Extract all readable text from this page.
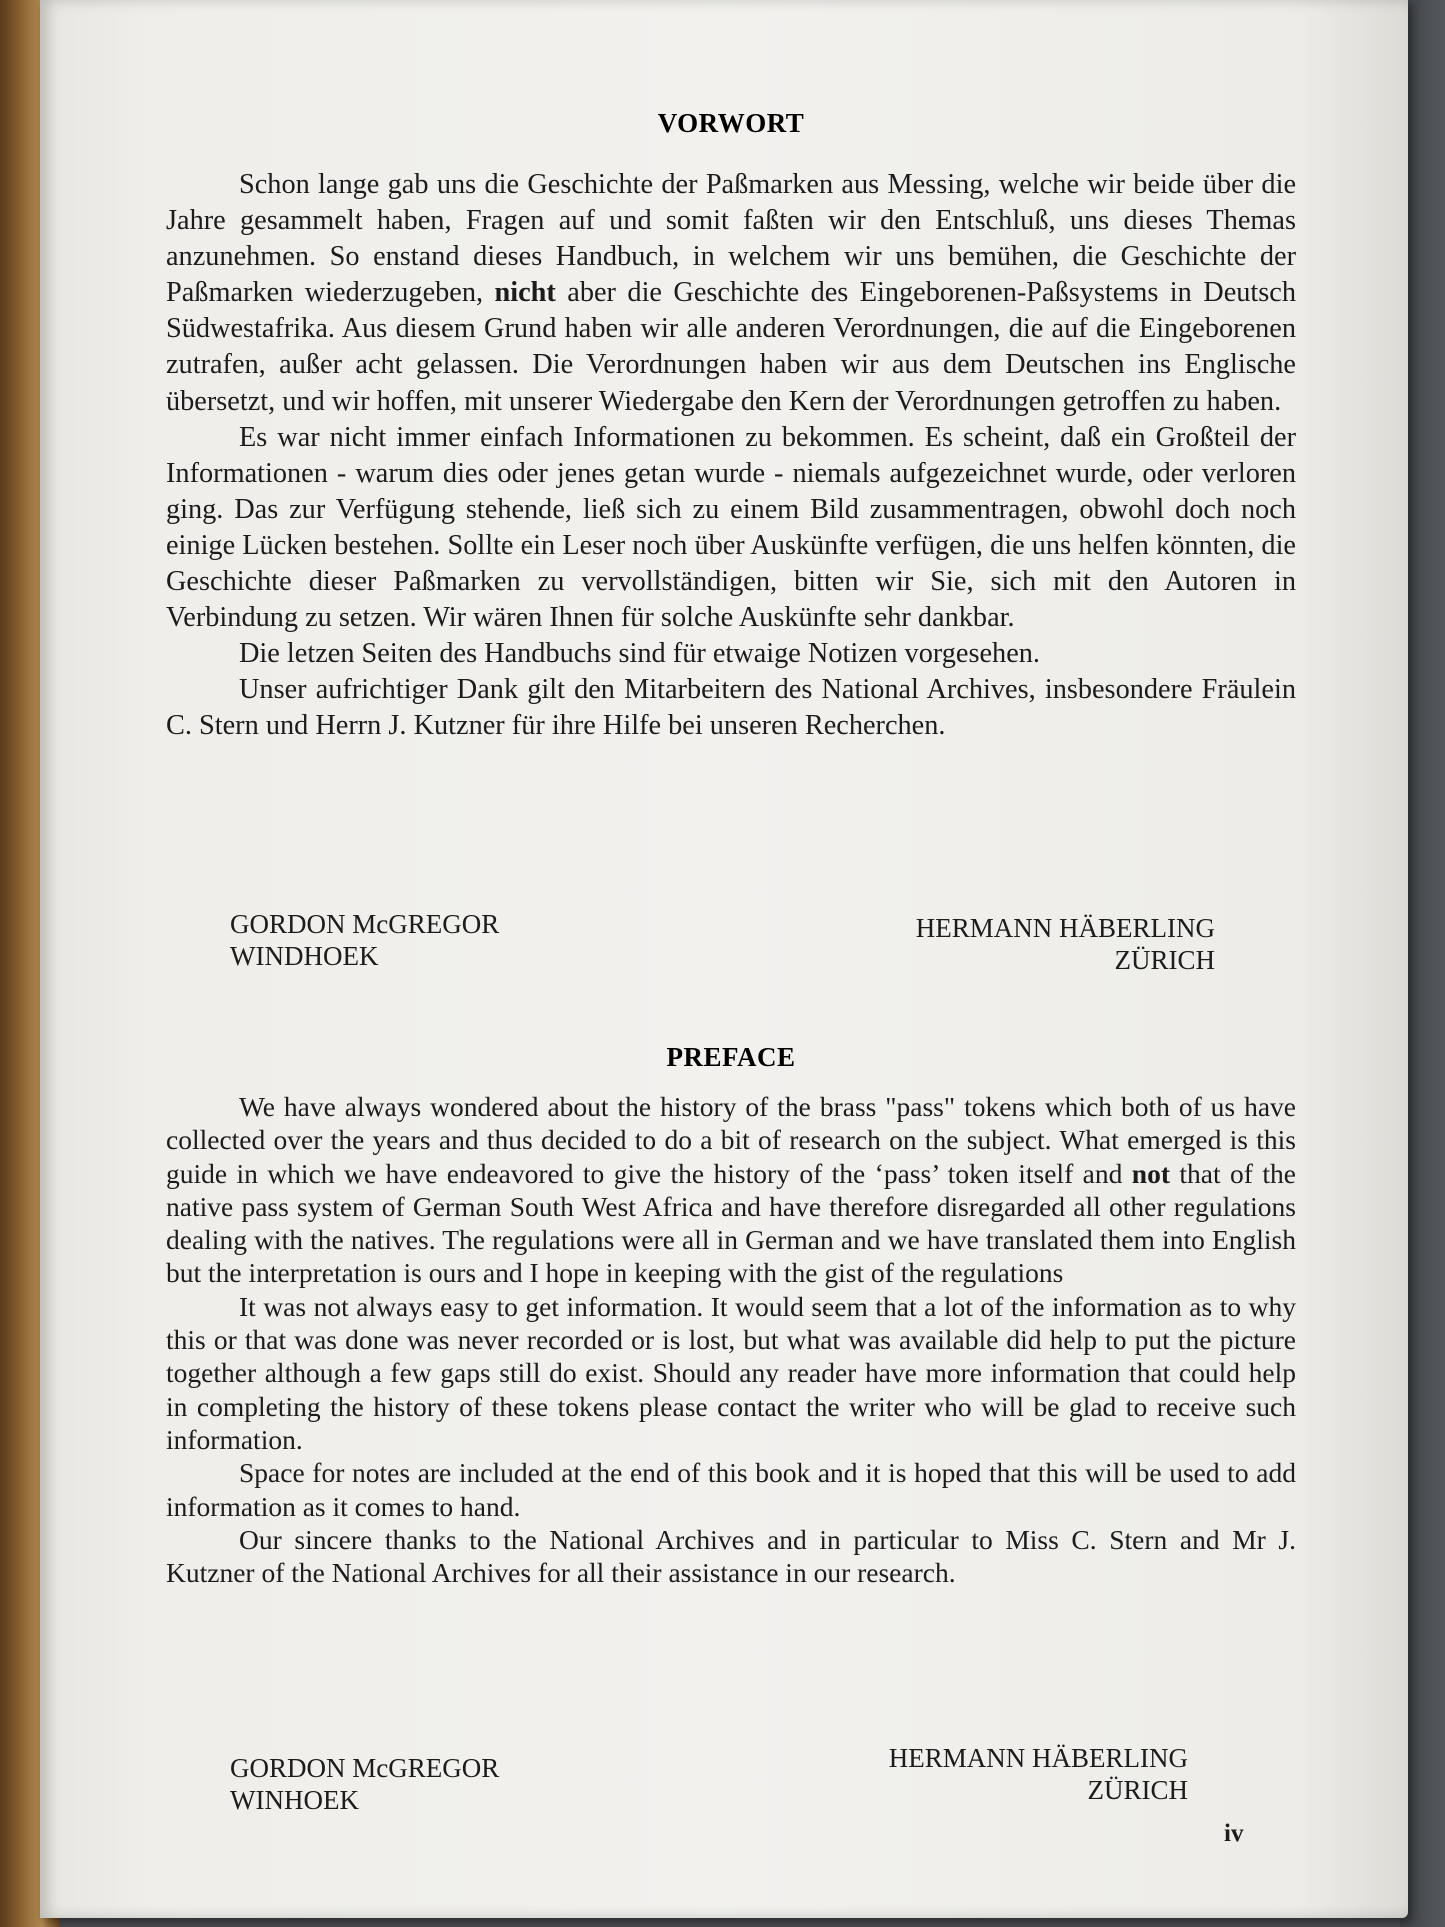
VORWORT

Schon lange gab uns die Geschichte der Paßmarken aus Messing, welche wir beide über die Jahre gesammelt haben, Fragen auf und somit faßten wir den Entschluß, uns dieses Themas anzunehmen. So enstand dieses Handbuch, in welchem wir uns bemühen, die Geschichte der Paßmarken wiederzugeben, nicht aber die Geschichte des Eingeborenen-Paßsystems in Deutsch Südwestafrika. Aus diesem Grund haben wir alle anderen Verordnungen, die auf die Eingeborenen zutrafen, außer acht gelassen. Die Verordnungen haben wir aus dem Deutschen ins Englische übersetzt, und wir hoffen, mit unserer Wiedergabe den Kern der Verordnungen getroffen zu haben.

Es war nicht immer einfach Informationen zu bekommen. Es scheint, daß ein Großteil der Informationen - warum dies oder jenes getan wurde - niemals aufgezeichnet wurde, oder verloren ging. Das zur Verfügung stehende, ließ sich zu einem Bild zusammentragen, obwohl doch noch einige Lücken bestehen. Sollte ein Leser noch über Auskünfte verfügen, die uns helfen könnten, die Geschichte dieser Paßmarken zu vervollständigen, bitten wir Sie, sich mit den Autoren in Verbindung zu setzen. Wir wären Ihnen für solche Auskünfte sehr dankbar.

Die letzen Seiten des Handbuchs sind für etwaige Notizen vorgesehen.

Unser aufrichtiger Dank gilt den Mitarbeitern des National Archives, insbesondere Fräulein C. Stern und Herrn J. Kutzner für ihre Hilfe bei unseren Recherchen.

GORDON McGREGOR
WINDHOEK
HERMANN HÄBERLING
ZÜRICH
PREFACE

We have always wondered about the history of the brass "pass" tokens which both of us have collected over the years and thus decided to do a bit of research on the subject. What emerged is this guide in which we have endeavored to give the history of the ‘pass’ token itself and not that of the native pass system of German South West Africa and have therefore disregarded all other regulations dealing with the natives. The regulations were all in German and we have translated them into English but the interpretation is ours and I hope in keeping with the gist of the regulations

It was not always easy to get information. It would seem that a lot of the information as to why this or that was done was never recorded or is lost, but what was available did help to put the picture together although a few gaps still do exist. Should any reader have more information that could help in completing the history of these tokens please contact the writer who will be glad to receive such information.

Space for notes are included at the end of this book and it is hoped that this will be used to add information as it comes to hand.

Our sincere thanks to the National Archives and in particular to Miss C. Stern and Mr J. Kutzner of the National Archives for all their assistance in our research.

GORDON McGREGOR
WINHOEK
HERMANN HÄBERLING
ZÜRICH
iv
